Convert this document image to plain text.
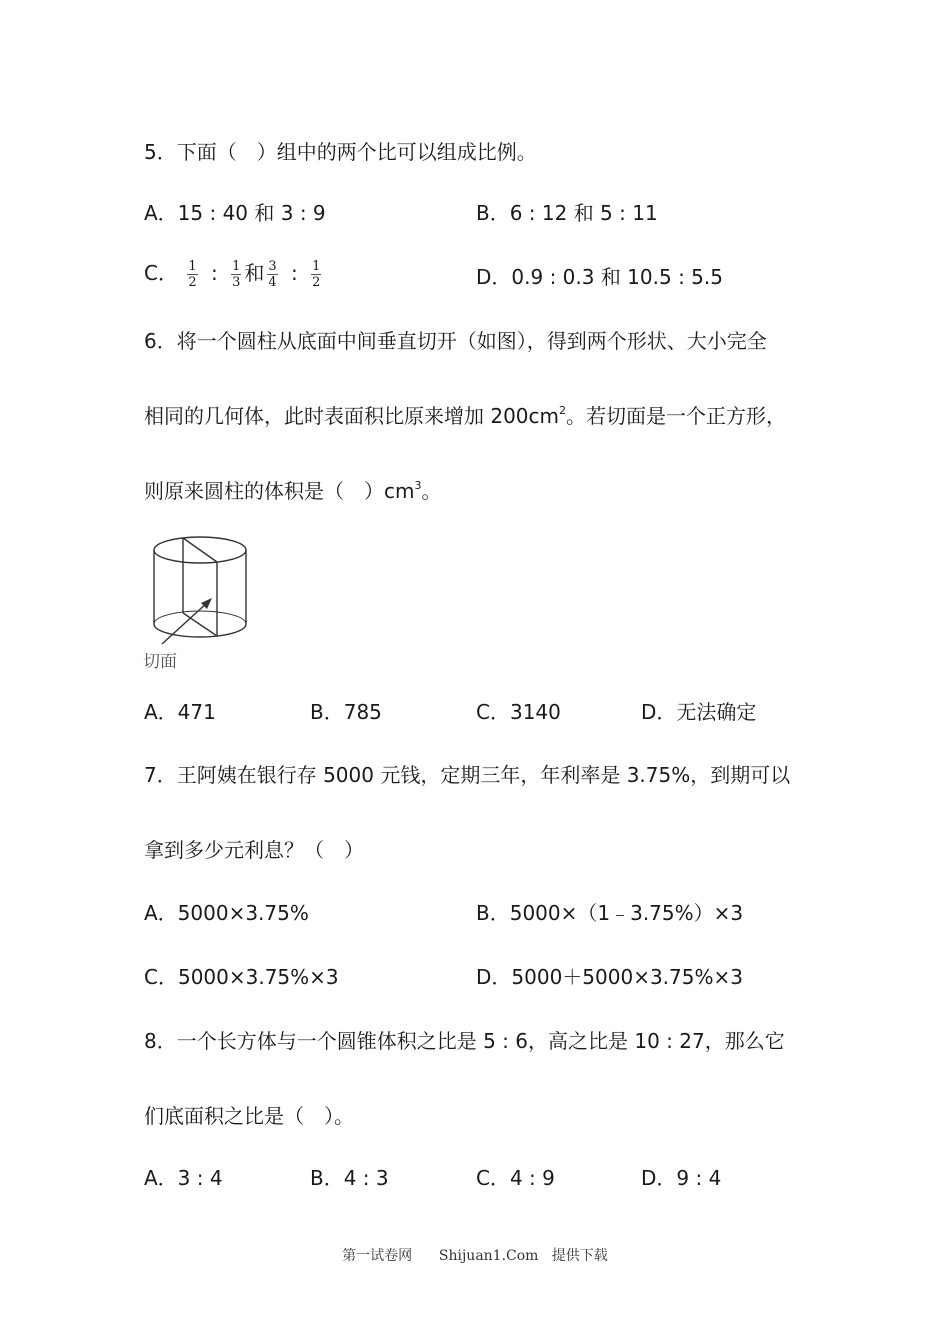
5．下面（　）组中的两个比可以组成比例。
A．15 : 40 和 3 : 9	B．6 : 12 和 5 : 11
C． $\frac{1}{2}$ : $\frac{1}{3}$ 和 $\frac{3}{4}$ : $\frac{1}{2}$	D．0.9 : 0.3 和 10.5 : 5.5
6．将一个圆柱从底面中间垂直切开（如图），得到两个形状、大小完全
相同的几何体，此时表面积比原来增加 $200cm^2$。若切面是一个正方形，
则原来圆柱的体积是（　）$cm^3$。
切面
A．471	B．785	C．3140	D．无法确定
7．王阿姨在银行存 5000 元钱，定期三年，年利率是 3.75%，到期可以
拿到多少元利息？（　）
A．5000×3.75%	B．5000×（1﹣3.75%）×3
C．5000×3.75%×3	D．5000＋5000×3.75%×3
8．一个长方体与一个圆锥体积之比是 5 : 6，高之比是 10 : 27，那么它
们底面积之比是（　）。
A．3 : 4	B．4 : 3	C．4 : 9	D．9 : 4
第一试卷网      Shijuan1.Com   提供下载
